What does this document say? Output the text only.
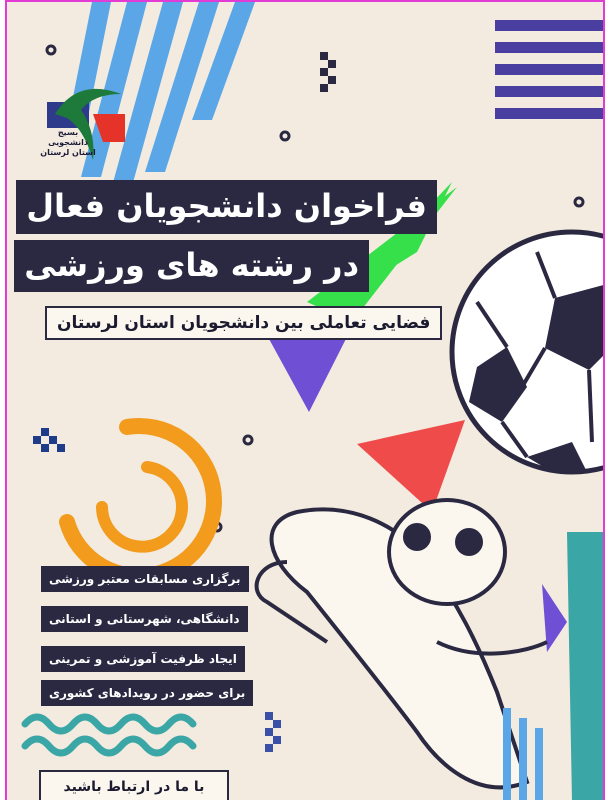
بسیج
دانشجویی
استان لرستان
فراخوان دانشجویان فعال
در رشته های ورزشی
فضایی تعاملی بین دانشجویان استان لرستان
برگزاری مسابقات معتبر ورزشی
دانشگاهی، شهرستانی و استانی
ایجاد ظرفیت آموزشی و تمرینی
برای حضور در رویدادهای کشوری
با ما در ارتباط باشید
